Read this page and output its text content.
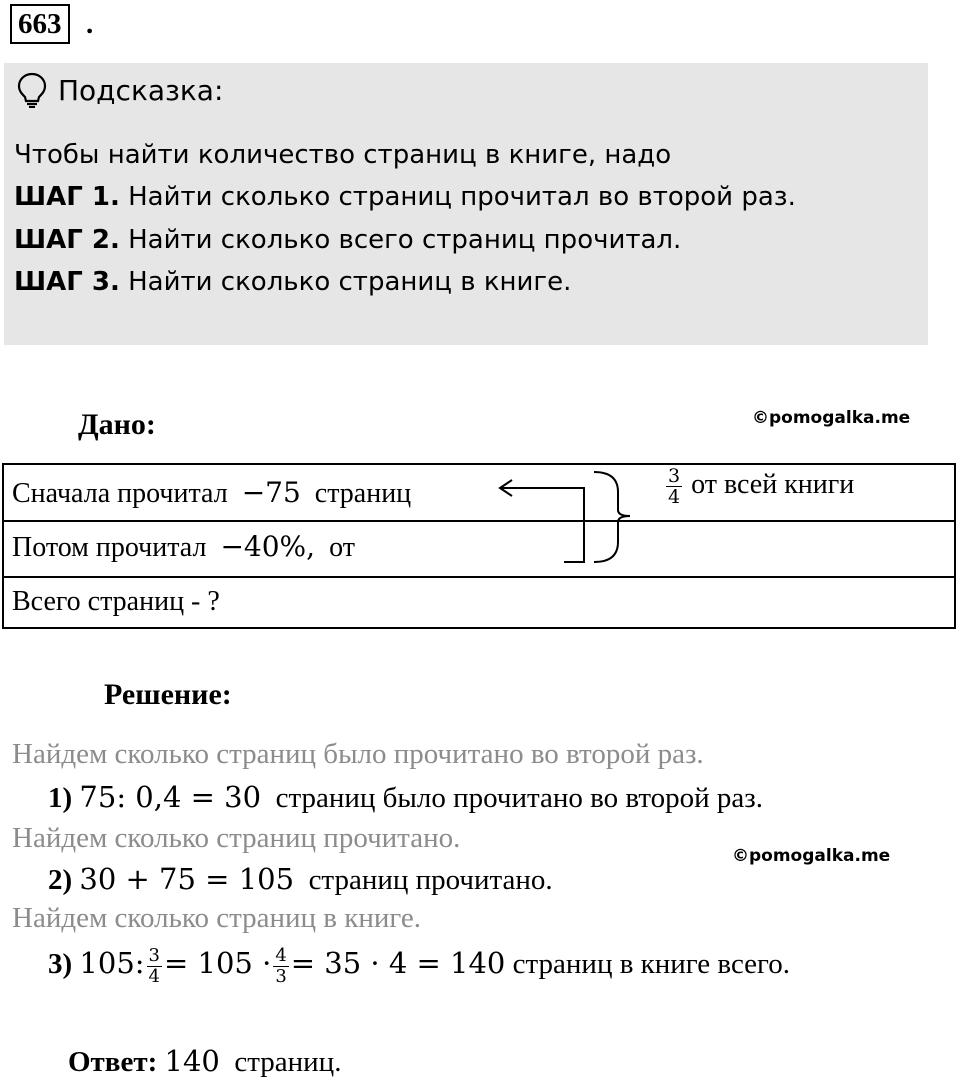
663 .
Подсказка:
Чтобы найти количество страниц в книге, надо
ШАГ 1. Найти сколько страниц прочитал во второй раз.
ШАГ 2. Найти сколько всего страниц прочитал.
ШАГ 3. Найти сколько страниц в книге.
Дано:	©pomogalka.me
Сначала прочитал −75 страниц
Потом прочитал −40%, от
Всего страниц - ?
$\frac{3}{4}$ от всей книги
Решение:
Найдем сколько страниц было прочитано во второй раз.
1) 75: 0,4 = 30 страниц было прочитано во второй раз.
Найдем сколько страниц прочитано.
©pomogalka.me
2) 30 + 75 = 105 страниц прочитано.
Найдем сколько страниц в книге.
3) 105: $\frac{3}{4} = 105 \cdot \frac{4}{3} = 35 \cdot 4 = 140$ страниц в книге всего.
Ответ: 140 страниц.
